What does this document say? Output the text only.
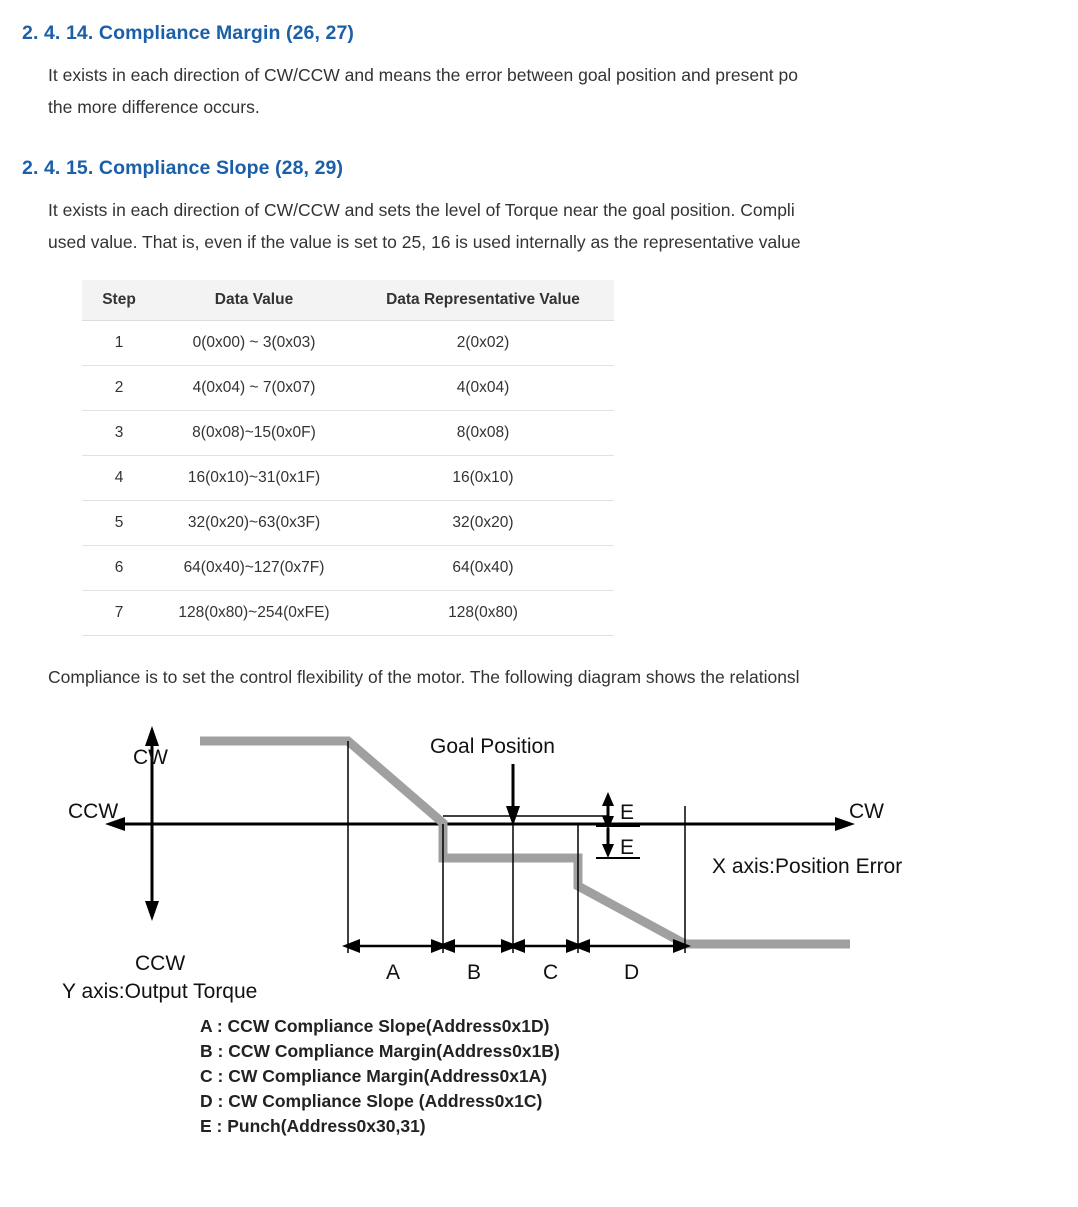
2. 4. 14. Compliance Margin (26, 27)

It exists in each direction of CW/CCW and means the error between goal position and present po

the more difference occurs.

2. 4. 15. Compliance Slope (28, 29)

It exists in each direction of CW/CCW and sets the level of Torque near the goal position. Compli

used value. That is, even if the value is set to 25, 16 is used internally as the representative value

Step	Data Value	Data Representative Value
1	0(0x00) ~ 3(0x03)	2(0x02)
2	4(0x04) ~ 7(0x07)	4(0x04)
3	8(0x08)~15(0x0F)	8(0x08)
4	16(0x10)~31(0x1F)	16(0x10)
5	32(0x20)~63(0x3F)	32(0x20)
6	64(0x40)~127(0x7F)	64(0x40)
7	128(0x80)~254(0xFE)	128(0x80)
Compliance is to set the control flexibility of the motor. The following diagram shows the relationsl
CW
CCW
CCW
CW
Goal Position
Y axis:Output Torque
X axis:Position Error
E
E
A	B	C	D
A : CCW Compliance Slope(Address0x1D)
B : CCW Compliance Margin(Address0x1B)
C : CW Compliance Margin(Address0x1A)
D : CW Compliance Slope (Address0x1C)
E : Punch(Address0x30,31)
